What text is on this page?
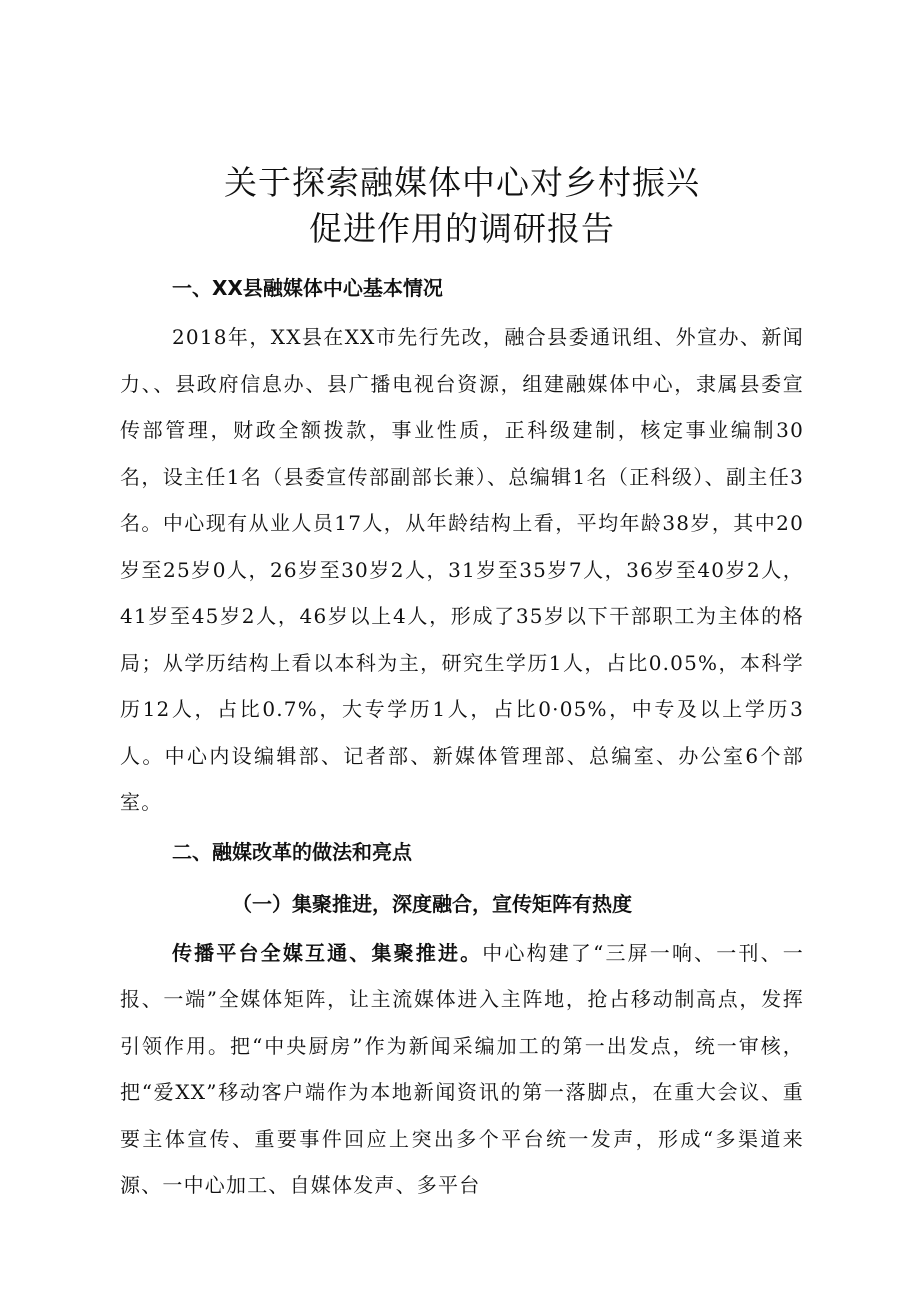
关于探索融媒体中心对乡村振兴
促进作用的调研报告
一、XX县融媒体中心基本情况

2018年，XX县在XX市先行先改，融合县委通讯组、外宣办、新闻力、、县政府信息办、县广播电视台资源，组建融媒体中心，隶属县委宣传部管理，财政全额拨款，事业性质，正科级建制，核定事业编制30名，设主任1名（县委宣传部副部长兼）、总编辑1名（正科级）、副主任3名。中心现有从业人员17人，从年龄结构上看，平均年龄38岁，其中20岁至25岁0人，26岁至30岁2人，31岁至35岁7人，36岁至40岁2人，41岁至45岁2人，46岁以上4人，形成了35岁以下干部职工为主体的格局；从学历结构上看以本科为主，研究生学历1人，占比0.05%，本科学历12人，占比0.7%，大专学历1人，占比0·05%，中专及以上学历3人。中心内设编辑部、记者部、新媒体管理部、总编室、办公室6个部室。

二、融媒改革的做法和亮点
（一）集聚推进，深度融合，宣传矩阵有热度

传播平台全媒互通、集聚推进。中心构建了“三屏一响、一刊、一报、一端”全媒体矩阵，让主流媒体进入主阵地，抢占移动制高点，发挥引领作用。把“中央厨房”作为新闻采编加工的第一出发点，统一审核，把“爱XX”移动客户端作为本地新闻资讯的第一落脚点，在重大会议、重要主体宣传、重要事件回应上突出多个平台统一发声，形成“多渠道来源、一中心加工、自媒体发声、多平台
